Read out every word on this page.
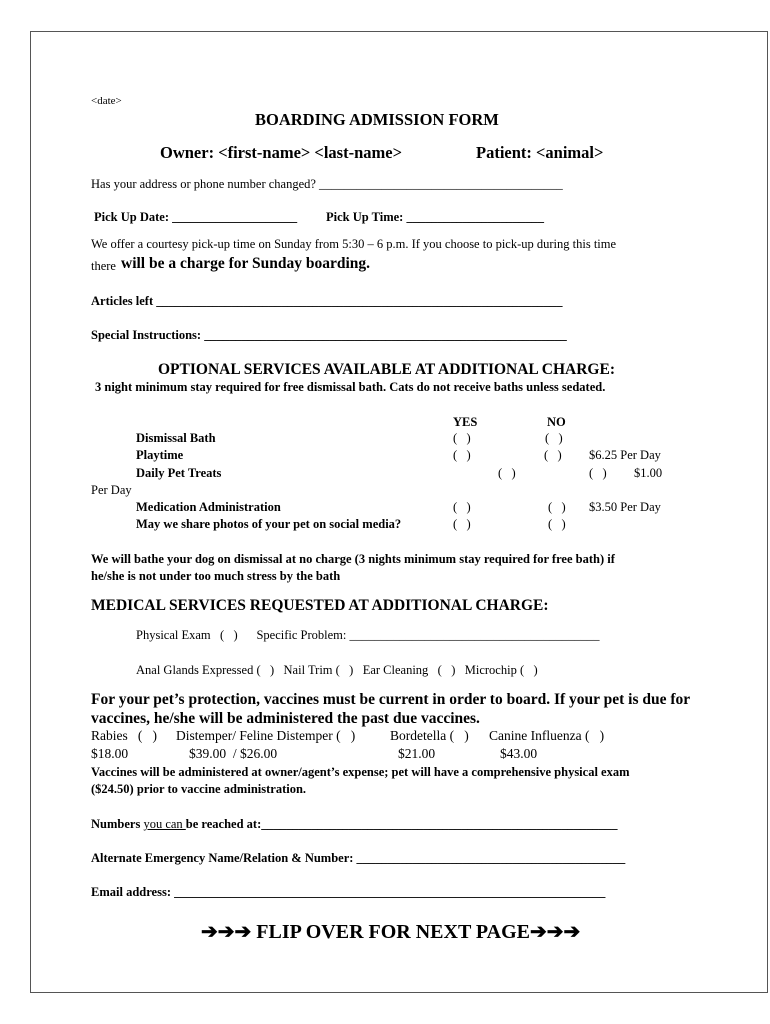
<date>
BOARDING ADMISSION FORM
Owner: <first-name> <last-name>	Patient: <animal>
Has your address or phone number changed? _______________________________________
Pick Up Date: ____________________ Pick Up Time: ______________________
We offer a courtesy pick-up time on Sunday from 5:30 – 6 p.m. If you choose to pick-up during this time
there will be a charge for Sunday boarding.
Articles left _________________________________________________________________
Special Instructions: __________________________________________________________
OPTIONAL SERVICES AVAILABLE AT ADDITIONAL CHARGE:
3 night minimum stay required for free dismissal bath. Cats do not receive baths unless sedated.
YES	NO
Dismissal Bath	(   )	(   )
Playtime	(   )	(   ) $6.25 Per Day
Daily Pet Treats	(   )	(   ) $1.00
Per Day
Medication Administration	(   )	(   ) $3.50 Per Day
May we share photos of your pet on social media?	(   )	(   )
We will bathe your dog on dismissal at no charge (3 nights minimum stay required for free bath) if
he/she is not under too much stress by the bath
MEDICAL SERVICES REQUESTED AT ADDITIONAL CHARGE:
Physical Exam   (   )      Specific Problem: ________________________________________
Anal Glands Expressed (   )   Nail Trim (   )   Ear Cleaning   (   )   Microchip (   )
For your pet’s protection, vaccines must be current in order to board. If your pet is due for
vaccines, he/she will be administered the past due vaccines.
Rabies   (   ) Distemper/ Feline Distemper (   )	Bordetella (   ) Canine Influenza (   )
$18.00	$39.00  / $26.00	$21.00	$43.00
Vaccines will be administered at owner/agent’s expense; pet will have a comprehensive physical exam
($24.50) prior to vaccine administration.
Numbers you can be reached at:_________________________________________________________
Alternate Emergency Name/Relation & Number: ___________________________________________
Email address: _____________________________________________________________________
➔➔➔ FLIP OVER FOR NEXT PAGE➔➔➔
